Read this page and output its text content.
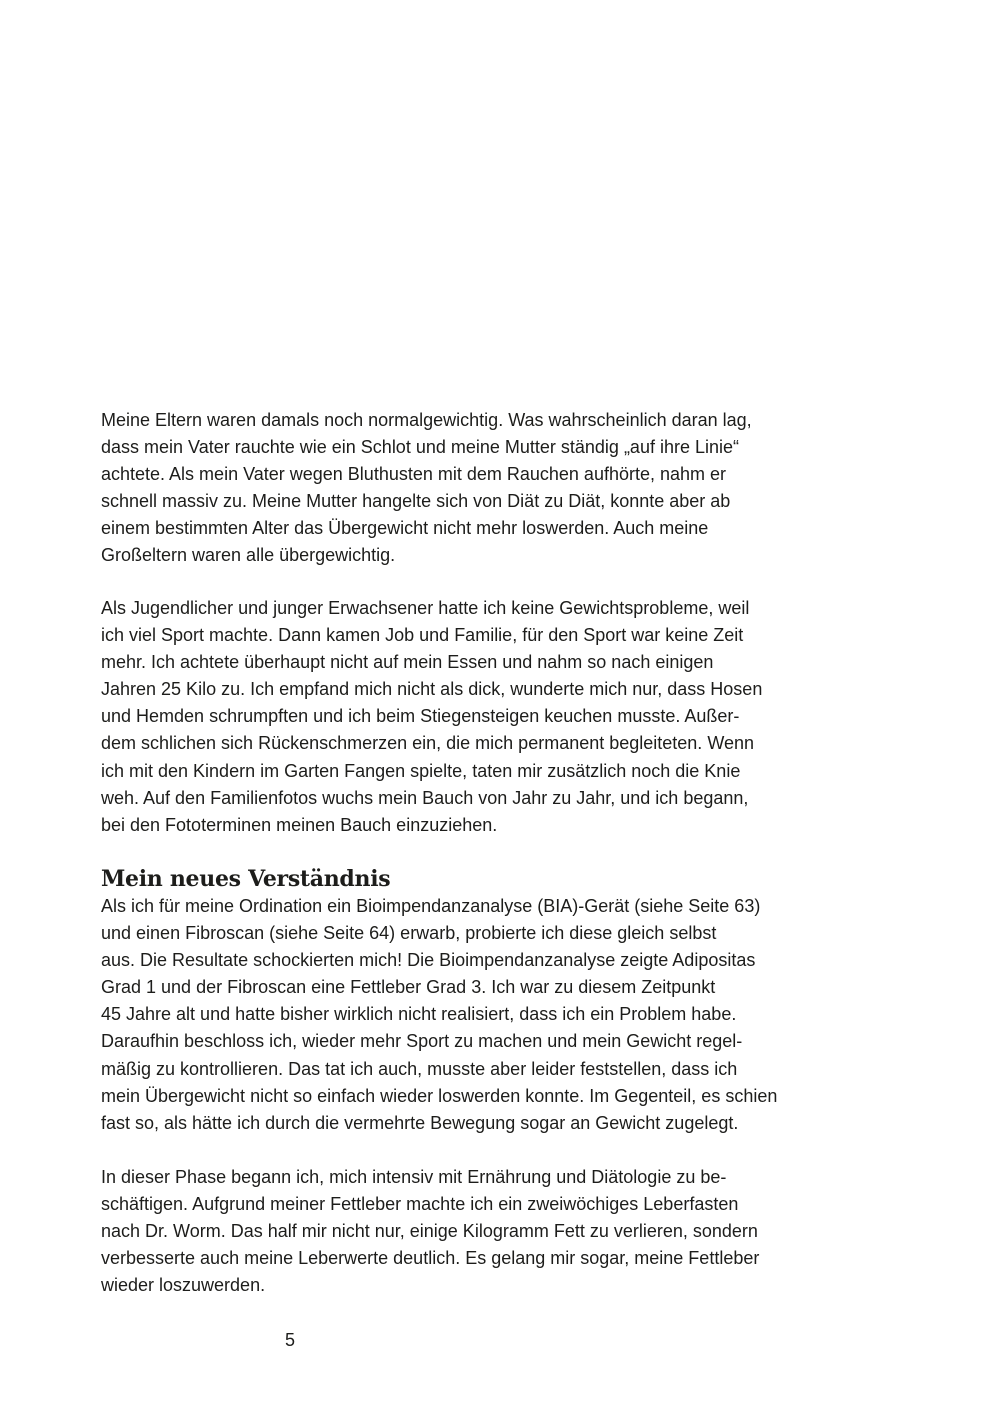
Meine Eltern waren damals noch normalgewichtig. Was wahrscheinlich daran lag,
dass mein Vater rauchte wie ein Schlot und meine Mutter ständig „auf ihre Linie“
achtete. Als mein Vater wegen Bluthusten mit dem Rauchen aufhörte, nahm er
schnell massiv zu. Meine Mutter hangelte sich von Diät zu Diät, konnte aber ab
einem bestimmten Alter das Übergewicht nicht mehr loswerden. Auch meine
Großeltern waren alle übergewichtig.
Als Jugendlicher und junger Erwachsener hatte ich keine Gewichtsprobleme, weil
ich viel Sport machte. Dann kamen Job und Familie, für den Sport war keine Zeit
mehr. Ich achtete überhaupt nicht auf mein Essen und nahm so nach einigen
Jahren 25 Kilo zu. Ich empfand mich nicht als dick, wunderte mich nur, dass Hosen
und Hemden schrumpften und ich beim Stiegensteigen keuchen musste. Außer-
dem schlichen sich Rückenschmerzen ein, die mich permanent begleiteten. Wenn
ich mit den Kindern im Garten Fangen spielte, taten mir zusätzlich noch die Knie
weh. Auf den Familienfotos wuchs mein Bauch von Jahr zu Jahr, und ich begann,
bei den Fototerminen meinen Bauch einzuziehen.
Mein neues Verständnis
Als ich für meine Ordination ein Bioimpendanzanalyse (BIA)-Gerät (siehe Seite 63)
und einen Fibroscan (siehe Seite 64) erwarb, probierte ich diese gleich selbst
aus. Die Resultate schockierten mich! Die Bioimpendanzanalyse zeigte Adipositas
Grad 1 und der Fibroscan eine Fettleber Grad 3. Ich war zu diesem Zeitpunkt
45 Jahre alt und hatte bisher wirklich nicht realisiert, dass ich ein Problem habe.
Daraufhin beschloss ich, wieder mehr Sport zu machen und mein Gewicht regel-
mäßig zu kontrollieren. Das tat ich auch, musste aber leider feststellen, dass ich
mein Übergewicht nicht so einfach wieder loswerden konnte. Im Gegenteil, es schien
fast so, als hätte ich durch die vermehrte Bewegung sogar an Gewicht zugelegt.
In dieser Phase begann ich, mich intensiv mit Ernährung und Diätologie zu be-
schäftigen. Aufgrund meiner Fettleber machte ich ein zweiwöchiges Leberfasten
nach Dr. Worm. Das half mir nicht nur, einige Kilogramm Fett zu verlieren, sondern
verbesserte auch meine Leberwerte deutlich. Es gelang mir sogar, meine Fettleber
wieder loszuwerden.
5
